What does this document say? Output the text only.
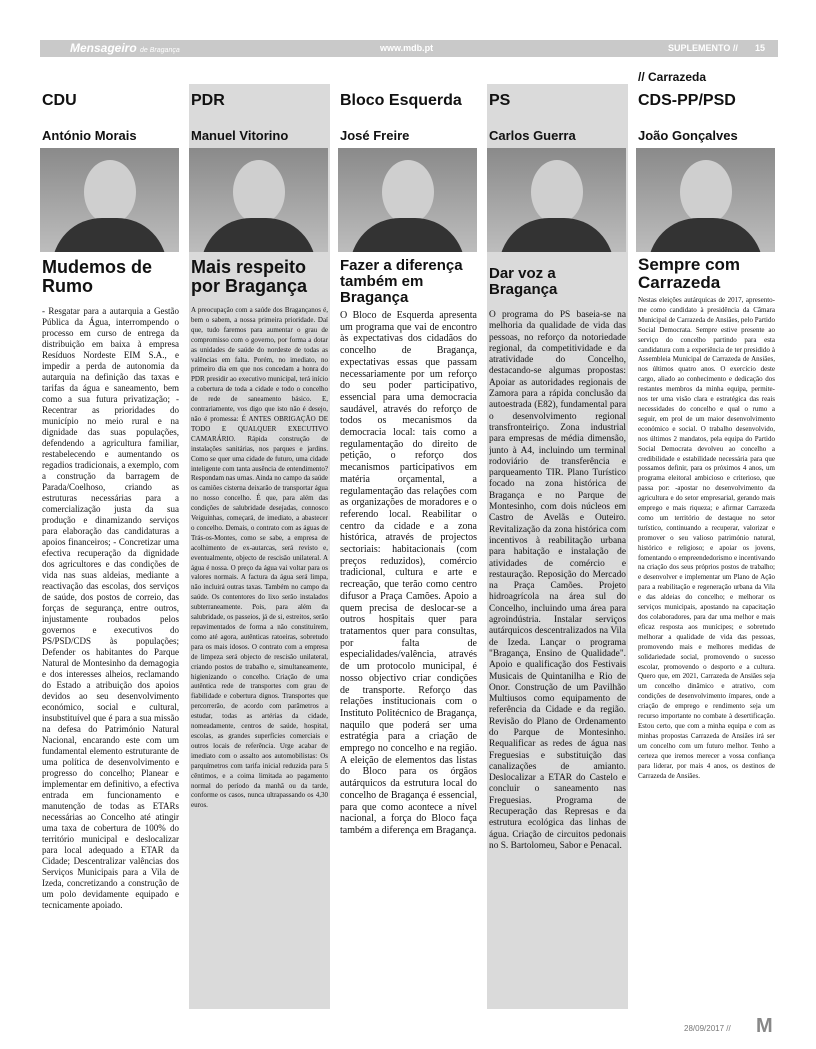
Mensageiro de Bragança	www.mdb.pt	SUPLEMENTO // 15
// Carrazeda
CDU
António Morais
Mudemos de Rumo

- Resgatar para a autarquia a Gestão Pública da Água, interrompendo o processo em curso de entrega da distribuição em baixa à empresa Resíduos Nordeste EIM S.A., e impedir a perda de autonomia da autarquia na definição das taxas e tarifas da água e saneamento, bem como a sua futura privatização; - Recentrar as prioridades do município no meio rural e na dignidade das suas populações, defendendo a agricultura familiar, restabelecendo e aumentando os regadios tradicionais, a exemplo, com a construção da barragem de Parada/Coelhoso, criando as estruturas necessárias para a comercialização justa da sua produção e dinamizando serviços para elaboração das candidaturas a apoios financeiros; - Concretizar uma efectiva recuperação da dignidade dos agricultores e das condições de vida nas suas aldeias, mediante a reactivação das escolas, dos serviços de saúde, dos postos de correio, das forças de segurança, entre outros, injustamente roubados pelos governos e executivos do PS/PSD/CDS às populações; Defender os habitantes do Parque Natural de Montesinho da demagogia e dos interesses alheios, reclamando do Estado a atribuição dos apoios devidos ao seu desenvolvimento económico, social e cultural, insubstituível que é para a sua missão na defesa do Património Natural Nacional, encarando este com um fundamental elemento estruturante de uma política de desenvolvimento e progresso do concelho; Planear e implementar em definitivo, a efectiva entrada em funcionamento e manutenção de todas as ETARs necessárias ao Concelho até atingir uma taxa de cobertura de 100% do território municipal e deslocalizar para local adequado a ETAR da Cidade; Descentralizar valências dos Serviços Municipais para a Vila de Izeda, concretizando a construção de um polo devidamente equipado e tecnicamente apoiado.

PDR
Manuel Vitorino
Mais respeito por Bragança

A preocupação com a saúde dos Bragançanos é, bem o sabem, a nossa primeira prioridade. Daí que, tudo faremos para aumentar o grau de compromisso com o governo, por forma a dotar as unidades de saúde do nordeste de todas as valências em falta. Porém, no imediato, no primeiro dia em que nos concedam a honra do PDR presidir ao executivo municipal, terá início a cobertura de toda a cidade e todo o concelho de rede de saneamento básico. E, contrariamente, vos digo que isto não é desejo, não é promessa: É ANTES OBRIGAÇÃO DE TODO E QUALQUER EXECUTIVO CAMARÁRIO. Rápida construção de instalações sanitárias, nos parques e jardins. Como se quer uma cidade de futuro, uma cidade inteligente com tanta ausência de entendimento? Respondam nas urnas. Ainda no campo da saúde os camiões cisterna deixarão de transportar água no nosso concelho. É que, para além das condições de salubridade desejadas, connosco Veiguinhas, começará, de imediato, a abastecer o concelho. Demais, o contrato com as águas de Trás-os-Montes, como se sabe, a empresa de acolhimento de ex-autarcas, será revisto e, eventualmente, objecto de rescisão unilateral. A água é nossa. O preço da água vai voltar para os valores normais. A factura da água será limpa, não incluirá outras taxas. Também no campo da saúde. Os contentores do lixo serão instalados subterraneamente. Pois, para além da salubridade, os passeios, já de si, estreitos, serão repavimentados de forma a não constituírem, como até agora, autênticas ratoeiras, sobretudo para os mais idosos. O contrato com a empresa de limpeza será objecto de rescisão unilateral, criando postos de trabalho e, simultaneamente, higienizando o concelho. Criação de uma autêntica rede de transportes com grau de fiabilidade e cobertura dignos. Transportes que percorrerão, de acordo com parâmetros a estudar, todas as artérias da cidade, nomeadamente, centros de saúde, hospital, escolas, as grandes superfícies comerciais e outros locais de referência. Urge acabar de imediato com o assalto aos automobilistas: Os parquímetros com tarifa inicial reduzida para 5 cêntimos, e a coima limitada ao pagamento normal do período da manhã ou da tarde, conforme os casos, nunca ultrapassando os 4,30 euros.

Bloco Esquerda
José Freire
Fazer a diferença também em Bragança

O Bloco de Esquerda apresenta um programa que vai de encontro às expectativas dos cidadãos do concelho de Bragança, expectativas essas que passam necessariamente por um reforço do seu poder participativo, essencial para uma democracia saudável, através do reforço de todos os mecanismos da democracia local: tais como a regulamentação do direito de petição, o reforço dos mecanismos participativos em matéria orçamental, a regulamentação das relações com as organizações de moradores e o referendo local. Reabilitar o centro da cidade e a zona histórica, através de projectos sectoriais: habitacionais (com preços reduzidos), comércio tradicional, cultura e arte e recreação, que terão como centro difusor a Praça Camões. Apoio a quem precisa de deslocar-se a outros hospitais quer para tratamentos quer para consultas, por falta de especialidades/valência, através de um protocolo municipal, é nosso objectivo criar condições de transporte. Reforço das relações institucionais com o Instituto Politécnico de Bragança, naquilo que poderá ser uma estratégia para a criação de emprego no concelho e na região. A eleição de elementos das listas do Bloco para os órgãos autárquicos da estrutura local do concelho de Bragança é essencial, para que como acontece a nível nacional, a força do Bloco faça também a diferença em Bragança.

PS
Carlos Guerra
Dar voz a Bragança

O programa do PS baseia-se na melhoria da qualidade de vida das pessoas, no reforço da notoriedade regional, da competitividade e da atratividade do Concelho, destacando-se algumas propostas: Apoiar as autoridades regionais de Zamora para a rápida conclusão da autoestrada (E82), fundamental para o desenvolvimento regional transfronteiriço. Zona industrial para empresas de média dimensão, junto à A4, incluindo um terminal rodoviário de transferência e parqueamento TIR. Plano Turístico focado na zona histórica de Bragança e no Parque de Montesinho, com dois núcleos em Castro de Avelãs e Outeiro. Revitalização da zona histórica com incentivos à reabilitação urbana para habitação e instalação de atividades de comércio e restauração. Reposição do Mercado na Praça Camões. Projeto hidroagrícola na área sul do Concelho, incluindo uma área para agroindústria. Instalar serviços autárquicos descentralizados na Vila de Izeda. Lançar o programa "Bragança, Ensino de Qualidade". Apoio e qualificação dos Festivais Musicais de Quintanilha e Rio de Onor. Construção de um Pavilhão Multiusos como equipamento de referência da Cidade e da região. Revisão do Plano de Ordenamento do Parque de Montesinho. Requalificar as redes de água nas Freguesias e substituição das canalizações de amianto. Deslocalizar a ETAR do Castelo e concluir o saneamento nas Freguesias. Programa de Recuperação das Represas e da estrutura ecológica das linhas de água. Criação de circuitos pedonais no S. Bartolomeu, Sabor e Penacal.

CDS-PP/PSD
João Gonçalves
Sempre com Carrazeda

Nestas eleições autárquicas de 2017, apresento-me como candidato à presidência da Câmara Municipal de Carrazeda de Ansiães, pelo Partido Social Democrata. Sempre estive presente ao serviço do concelho partindo para esta candidatura com a experiência de ter presidido à Assembleia Municipal de Carrazeda de Ansiães, nos últimos quatro anos. O exercício deste cargo, aliado ao conhecimento e dedicação dos restantes membros da minha equipa, permite-nos ter uma visão clara e estratégica das reais necessidades do concelho e qual o rumo a seguir, em prol de um maior desenvolvimento económico e social. O trabalho desenvolvido, nos últimos 2 mandatos, pela equipa do Partido Social Democrata devolveu ao concelho a credibilidade e estabilidade necessária para que possamos definir, para os próximos 4 anos, um programa eleitoral ambicioso e criterioso, que passa por: -apostar no desenvolvimento da agricultura e do setor empresarial, gerando mais emprego e mais riqueza; e afirmar Carrazeda como um território de destaque no setor turístico, continuando a recuperar, valorizar e promover o seu valioso património natural, histórico e religioso; e apoiar os jovens, fomentando o empreendedorismo e incentivando na criação dos seus próprios postos de trabalho; e desenvolver e implementar um Plano de Ação para a reabilitação e regeneração urbana da Vila e das aldeias do concelho; e melhorar os serviços municipais, apostando na capacitação dos colaboradores, para dar uma melhor e mais eficaz resposta aos munícipes; e sobretudo melhorar a qualidade de vida das pessoas, promovendo mais e melhores medidas de solidariedade social, promovendo o sucesso escolar, promovendo o desporto e a cultura. Quero que, em 2021, Carrazeda de Ansiães seja um concelho dinâmico e atrativo, com condições de desenvolvimento ímpares, onde a criação de emprego e rendimento seja um recurso importante no combate à desertificação. Estou certo, que com a minha equipa e com as minhas propostas Carrazeda de Ansiães irá ser um concelho com um futuro melhor. Tenho a certeza que iremos merecer a vossa confiança para liderar, por mais 4 anos, os destinos de Carrazeda de Ansiães.

28/09/2017 // M
